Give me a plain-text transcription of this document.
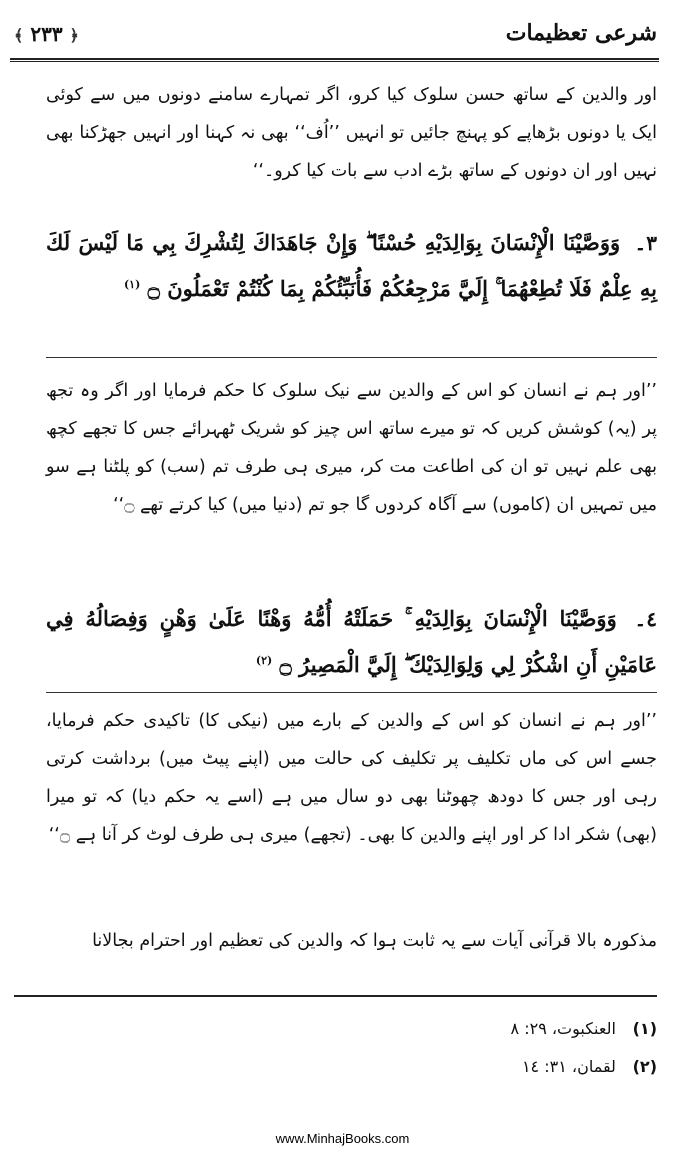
﴾ ۲۳۳ ﴿	شرعی تعظیمات
اور والدین کے ساتھ حسن سلوک کیا کرو، اگر تمہارے سامنے دونوں میں سے کوئی ایک یا دونوں بڑھاپے کو پہنچ جائیں تو انہیں ’’اُف‘‘ بھی نہ کہنا اور انہیں جھڑکنا بھی نہیں اور ان دونوں کے ساتھ بڑے ادب سے بات کیا کرو۔‘‘
٣۔ وَوَصَّيْنَا الْإِنْسَانَ بِوَالِدَيْهِ حُسْنًا ۖ وَإِنْ جَاهَدَاكَ لِتُشْرِكَ بِي مَا لَيْسَ لَكَ بِهِ عِلْمٌ فَلَا تُطِعْهُمَا ۚ إِلَيَّ مَرْجِعُكُمْ فَأُنَبِّئُكُمْ بِمَا كُنْتُمْ تَعْمَلُونَ ۝ $^{(١)}$
’’اور ہم نے انسان کو اس کے والدین سے نیک سلوک کا حکم فرمایا اور اگر وہ تجھ پر (یہ) کوشش کریں کہ تو میرے ساتھ اس چیز کو شریک ٹھہرائے جس کا تجھے کچھ بھی علم نہیں تو ان کی اطاعت مت کر، میری ہی طرف تم (سب) کو پلٹنا ہے سو میں تمہیں ان (کاموں) سے آگاہ کردوں گا جو تم (دنیا میں) کیا کرتے تھے ۝‘‘
٤۔ وَوَصَّيْنَا الْإِنْسَانَ بِوَالِدَيْهِ ۚ حَمَلَتْهُ أُمُّهُ وَهْنًا عَلَىٰ وَهْنٍ وَفِصَالُهُ فِي عَامَيْنِ أَنِ اشْكُرْ لِي وَلِوَالِدَيْكَ ۖ إِلَيَّ الْمَصِيرُ ۝ $^{(٢)}$
’’اور ہم نے انسان کو اس کے والدین کے بارے میں (نیکی کا) تاکیدی حکم فرمایا، جسے اس کی ماں تکلیف پر تکلیف کی حالت میں (اپنے پیٹ میں) برداشت کرتی رہی اور جس کا دودھ چھوٹنا بھی دو سال میں ہے (اسے یہ حکم دیا) کہ تو میرا (بھی) شکر ادا کر اور اپنے والدین کا بھی۔ (تجھے) میری ہی طرف لوٹ کر آنا ہے ۝‘‘
مذکورہ بالا قرآنی آیات سے یہ ثابت ہوا کہ والدین کی تعظیم اور احترام بجالانا
(١) العنکبوت، ٢٩: ٨
(٢) لقمان، ٣١: ١٤
www.MinhajBooks.com
